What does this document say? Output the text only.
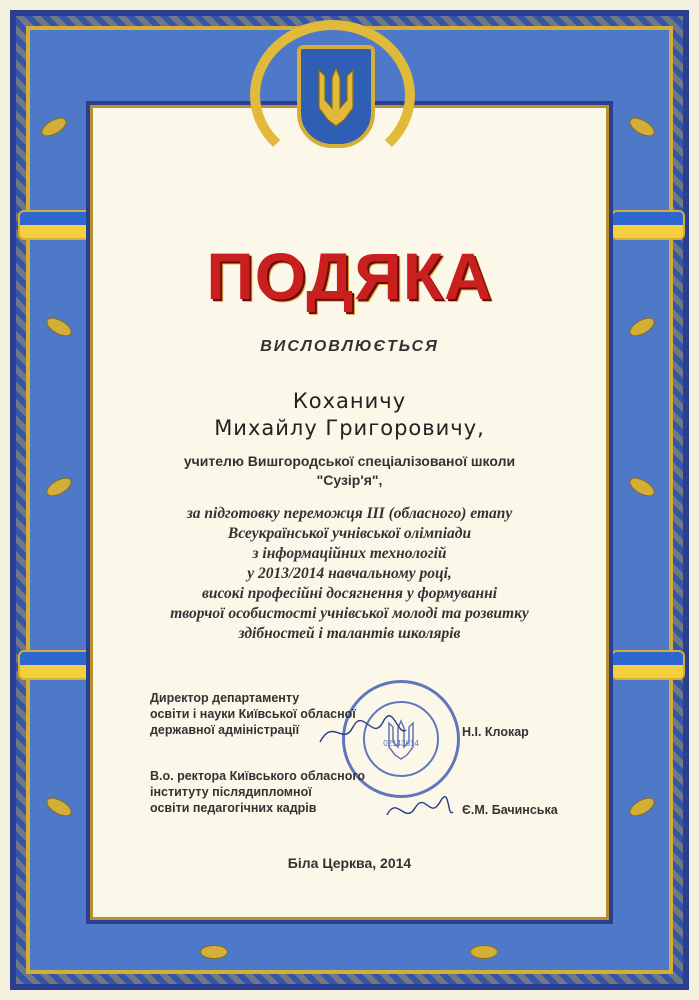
ПОДЯКА
ВИСЛОВЛЮЄТЬСЯ
Коханичу
Михайлу Григоровичу,
учителю Вишгородської спеціалізованої школи
"Сузір'я",
за підготовку переможця III (обласного) етапу
Всеукраїнської учнівської олімпіади
з інформаційних технологій
у 2013/2014 навчальному році,
високі професійні досягнення у формуванні
творчої особистості учнівської молоді та розвитку
здібностей і талантів школярів
02143614
Директор департаменту
освіти і науки Київської обласної
державної адміністрації	Н.І. Клокар
В.о. ректора Київського обласного
інституту післядипломної
освіти педагогічних кадрів	Є.М. Бачинська
Біла Церква, 2014
